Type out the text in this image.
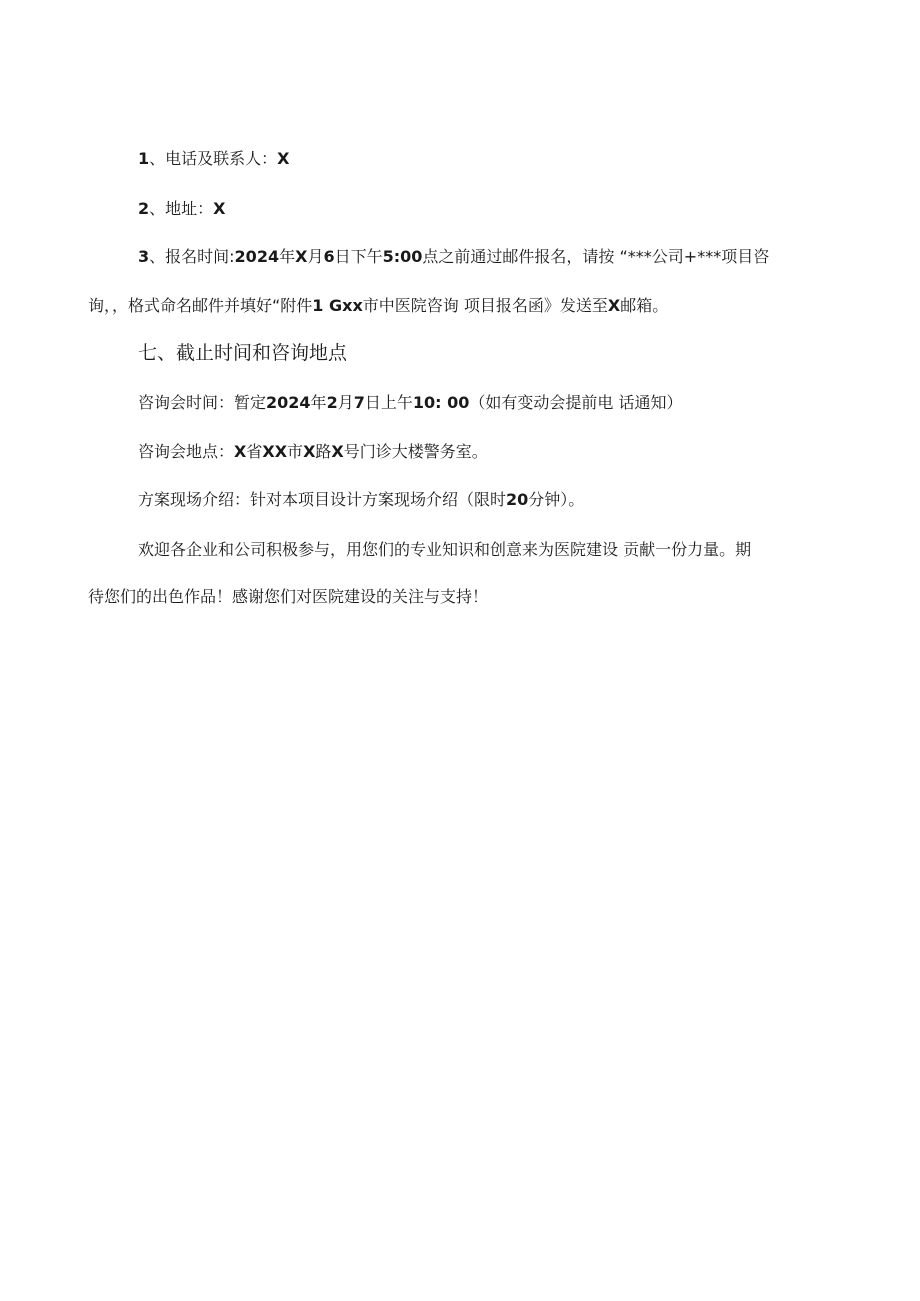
1、电话及联系人：X
2、地址：X
3、报名时间:2024年X月6日下午5:00点之前通过邮件报名，请按 “***公司+***项目咨
询，，格式命名邮件并填好“附件1 Gxx市中医院咨询 项目报名函》发送至X邮箱。
七、截止时间和咨询地点
咨询会时间：暂定2024年2月7日上午10: 00（如有变动会提前电 话通知）
咨询会地点：X省XX市X路X号门诊大楼警务室。
方案现场介绍：针对本项目设计方案现场介绍（限时20分钟）。
欢迎各企业和公司积极参与，用您们的专业知识和创意来为医院建设 贡献一份力量。期
待您们的出色作品！感谢您们对医院建设的关注与支持！
